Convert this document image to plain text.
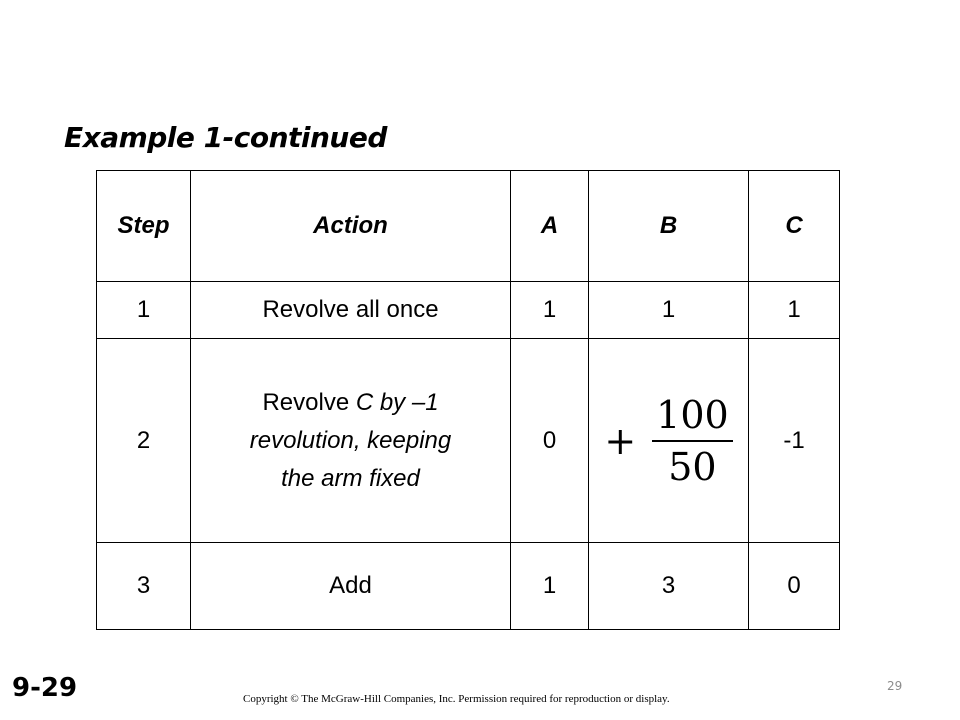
Example 1-continued
Step	Action	A	B	C
1	Revolve all once	1	1	1
2	Revolve C by –1
revolution, keeping
the arm fixed	0	+ $\frac{100}{50}$	-1
3	Add	1	3	0
9-29	Copyright © The McGraw-Hill Companies, Inc. Permission required for reproduction or display.
29
